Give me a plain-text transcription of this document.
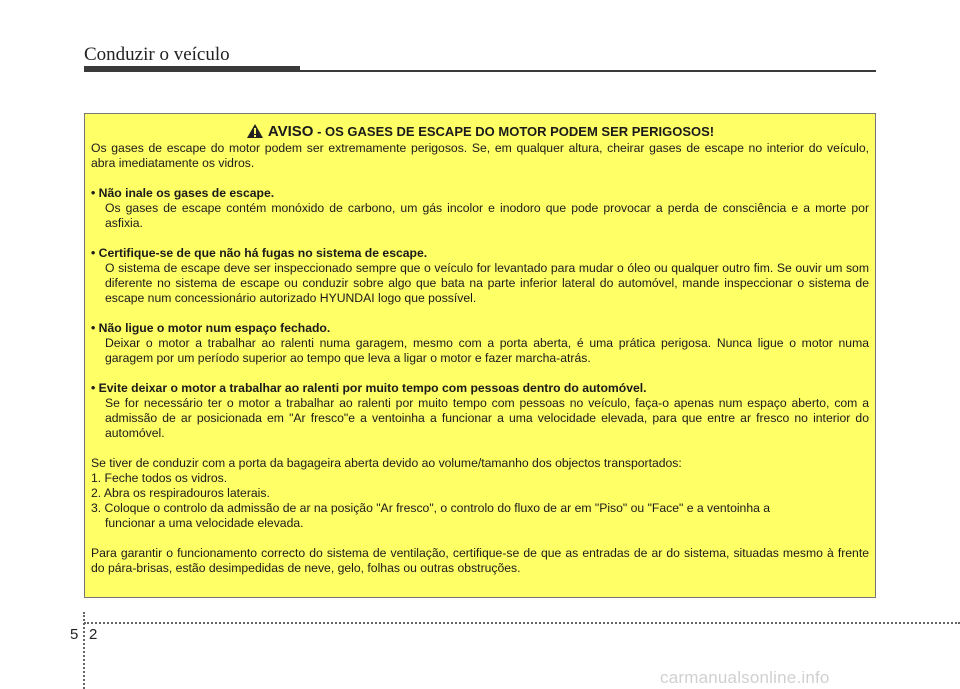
Conduzir o veículo
AVISO - OS GASES DE ESCAPE DO MOTOR PODEM SER PERIGOSOS!

Os gases de escape do motor podem ser extremamente perigosos. Se, em qualquer altura, cheirar gases de escape no interior do veículo, abra imediatamente os vidros.

• Não inale os gases de escape.

Os gases de escape contém monóxido de carbono, um gás incolor e inodoro que pode provocar a perda de consciência e a morte por asfixia.

• Certifique-se de que não há fugas no sistema de escape.

O sistema de escape deve ser inspeccionado sempre que o veículo for levantado para mudar o óleo ou qualquer outro fim. Se ouvir um som diferente no sistema de escape ou conduzir sobre algo que bata na parte inferior lateral do automóvel, mande inspeccionar o sistema de escape num concessionário autorizado HYUNDAI logo que possível.

• Não ligue o motor num espaço fechado.

Deixar o motor a trabalhar ao ralenti numa garagem, mesmo com a porta aberta, é uma prática perigosa. Nunca ligue o motor numa garagem por um período superior ao tempo que leva a ligar o motor e fazer marcha-atrás.

• Evite deixar o motor a trabalhar ao ralenti por muito tempo com pessoas dentro do automóvel.

Se for necessário ter o motor a trabalhar ao ralenti por muito tempo com pessoas no veículo, faça-o apenas num espaço aberto, com a admissão de ar posicionada em "Ar fresco"e a ventoinha a funcionar a uma velocidade elevada, para que entre ar fresco no interior do automóvel.

Se tiver de conduzir com a porta da bagageira aberta devido ao volume/tamanho dos objectos transportados:

1. Feche todos os vidros.

2. Abra os respiradouros laterais.

3. Coloque o controlo da admissão de ar na posição "Ar fresco", o controlo do fluxo de ar em "Piso" ou "Face" e a ventoinha a

funcionar a uma velocidade elevada.

Para garantir o funcionamento correcto do sistema de ventilação, certifique-se de que as entradas de ar do sistema, situadas mesmo à frente do pára-brisas, estão desimpedidas de neve, gelo, folhas ou outras obstruções.

5 2
carmanualsonline.info
